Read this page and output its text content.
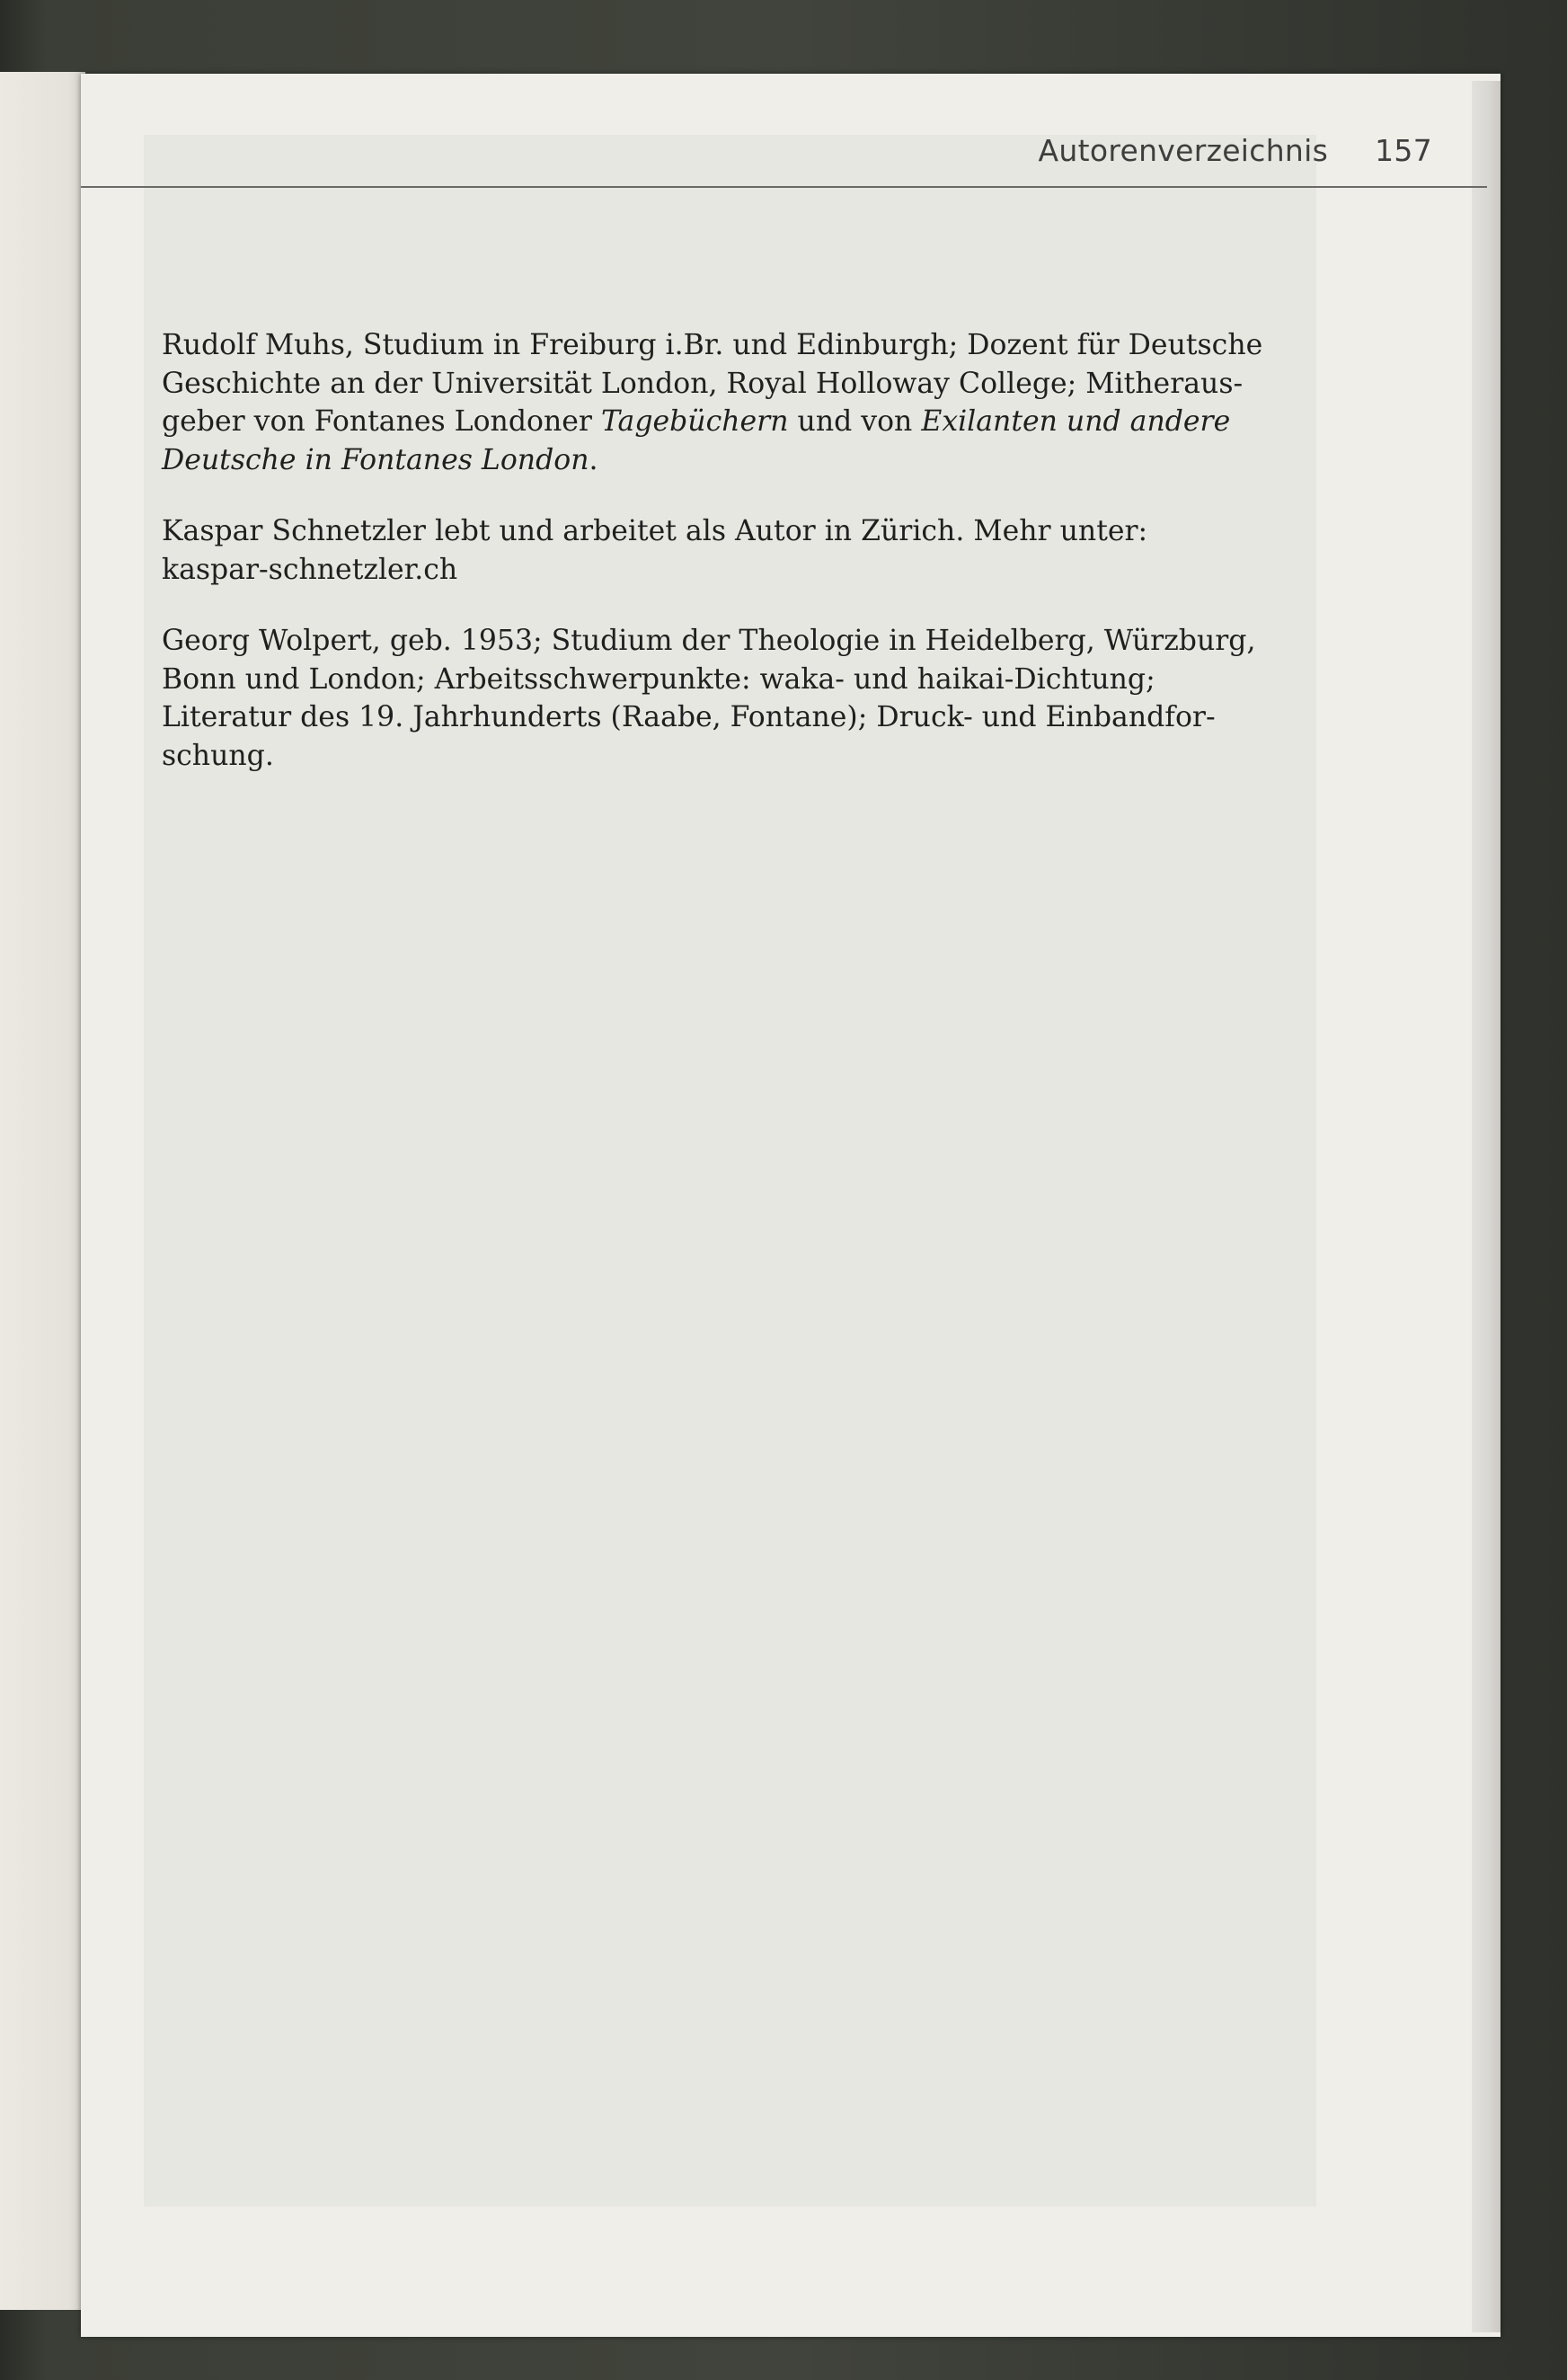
Autorenverzeichnis 157
Rudolf Muhs, Studium in Freiburg i.Br. und Edinburgh; Dozent für Deutsche
Geschichte an der Universität London, Royal Holloway College; Mitheraus-
geber von Fontanes Londoner Tagebüchern und von Exilanten und andere
Deutsche in Fontanes London.
Kaspar Schnetzler lebt und arbeitet als Autor in Zürich. Mehr unter:
kaspar-schnetzler.ch
Georg Wolpert, geb. 1953; Studium der Theologie in Heidelberg, Würzburg,
Bonn und London; Arbeitsschwerpunkte: waka- und haikai-Dichtung;
Literatur des 19. Jahrhunderts (Raabe, Fontane); Druck- und Einbandfor-
schung.
